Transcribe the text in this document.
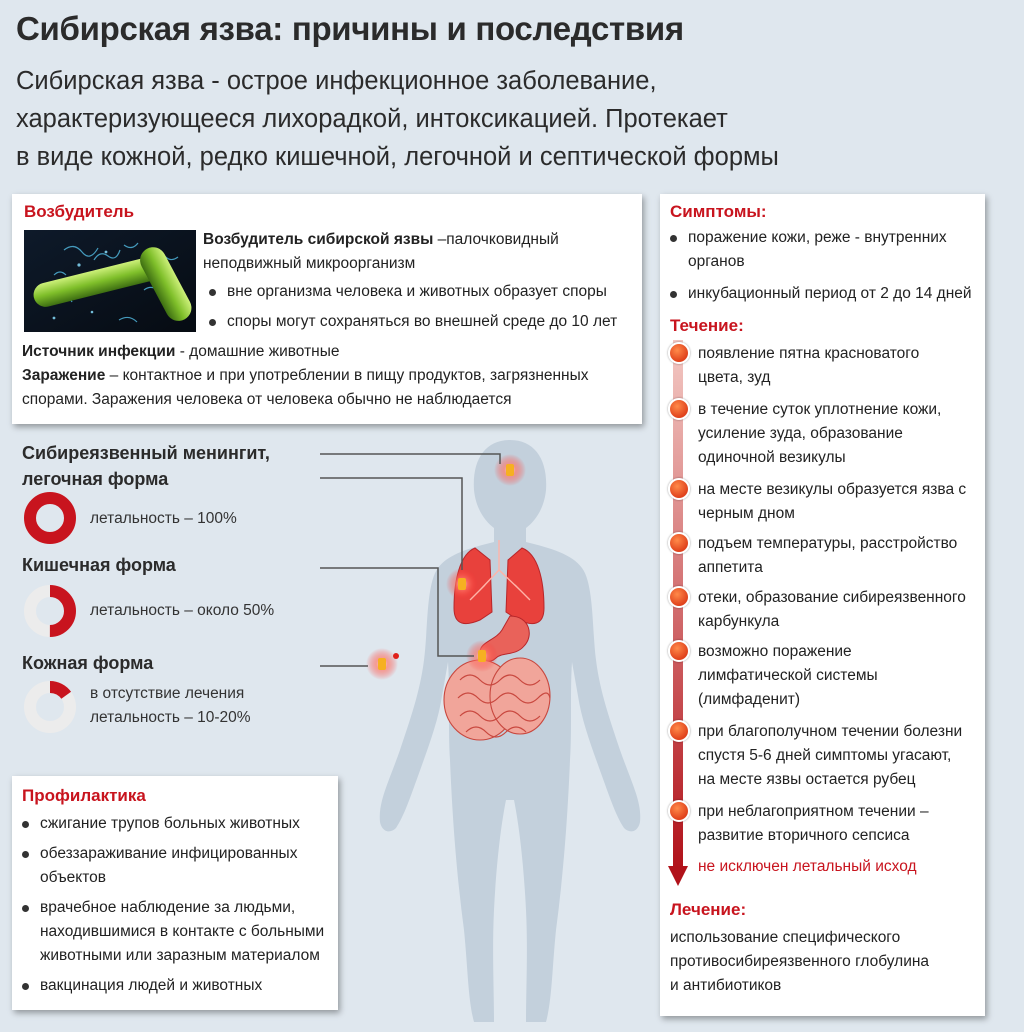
Сибирская язва: причины и последствия
Сибирская язва - острое инфекционное заболевание,
характеризующееся лихорадкой, интоксикацией. Протекает
в виде кожной, редко кишечной, легочной и септической формы
Возбудитель
Возбудитель сибирской язвы –палочковидный
неподвижный микроорганизм
вне организма человека и животных образует споры
споры могут сохраняться во внешней среде до 10 лет
Источник инфекции - домашние животные
Заражение – контактное и при употреблении в пищу продуктов, загрязненных
спорами. Заражения человека от человека обычно не наблюдается
Сибиреязвенный менингит,
легочная форма
летальность – 100%
Кишечная форма
летальность – около 50%
Кожная форма
в отсутствие лечения
летальность – 10-20%
Профилактика
сжигание трупов больных животных
обеззараживание инфицированных
объектов
врачебное наблюдение за людьми,
находившимися в контакте с больными
животными или заразным материалом
вакцинация людей и животных
Симптомы:
поражение кожи, реже - внутренних
органов
инкубационный период от 2 до 14 дней
Течение:
появление пятна красноватого
цвета, зуд
в течение суток уплотнение кожи,
усиление зуда, образование
одиночной везикулы
на месте везикулы образуется язва с
черным дном
подъем температуры, расстройство
аппетита
отеки, образование сибиреязвенного
карбункула
возможно поражение
лимфатической системы
(лимфаденит)
при благополучном течении болезни
спустя 5-6 дней симптомы угасают,
на месте язвы остается рубец
при неблагоприятном течении –
развитие вторичного сепсиса
не исключен летальный исход
Лечение:
использование специфического
противосибиреязвенного глобулина
и антибиотиков
